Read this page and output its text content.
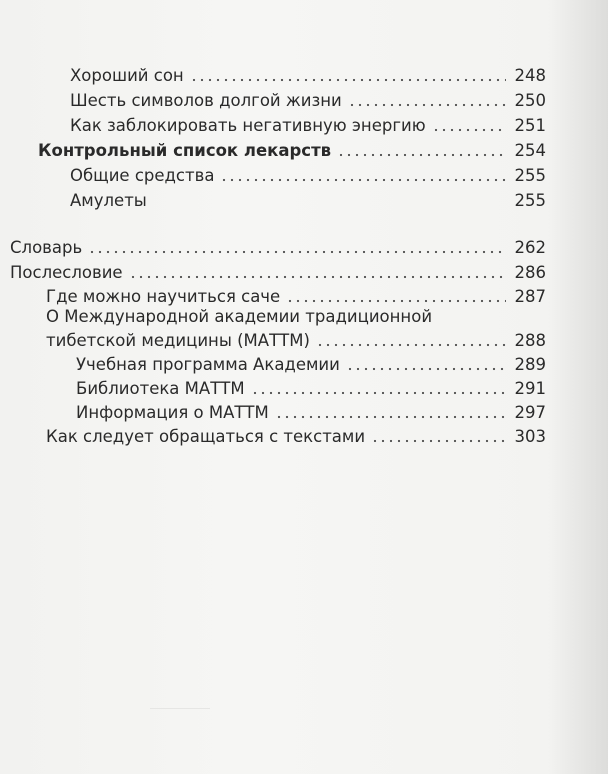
Хороший сон	248
Шесть символов долгой жизни	250
Как заблокировать негативную энергию	251
Контрольный список лекарств	254
Общие средства	255
Амулеты	255
Словарь	262
Послесловие	286
Где можно научиться саче	287
О Международной академии традиционной
тибетской медицины (МАТТМ)	288
Учебная программа Академии	289
Библиотека МАТТМ	291
Информация о МАТТМ	297
Как следует обращаться с текстами	303
